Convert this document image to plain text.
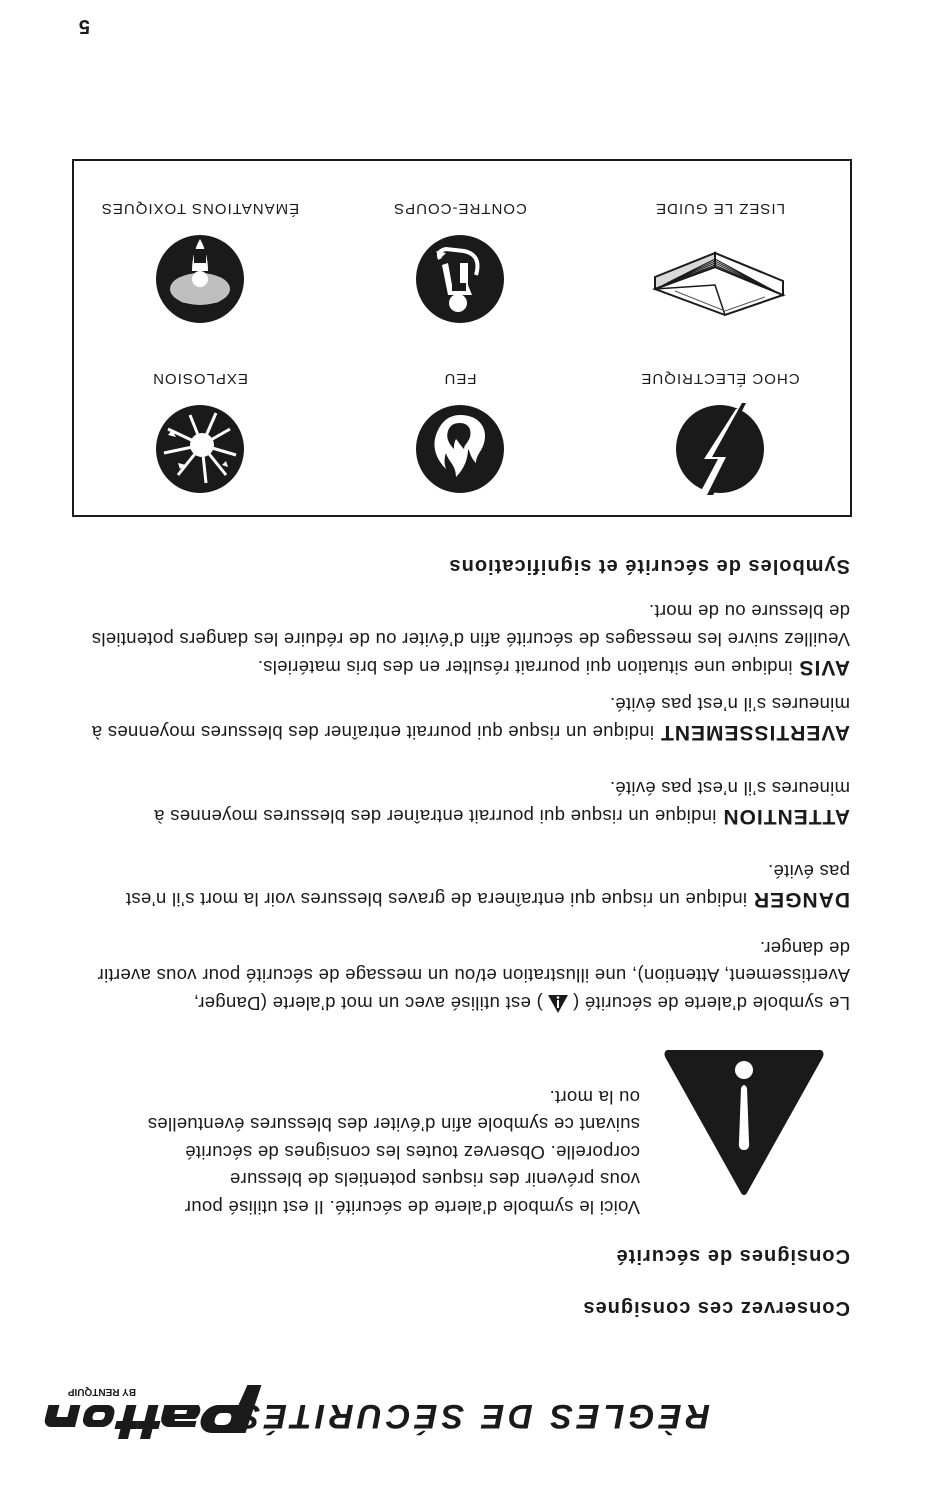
BY RENTQUIP
RÈGLES DE SÉCURITÉS
Conservez ces consignes
Consignes de sécurité

Voici le symbole d’alerte de sécurité. Il est utilisé pour vous prévenir des risques potentiels de blessure corporelle. Observez toutes les consignes de sécurité suivant ce symbole afin d’éviter des blessures éventuelles ou la mort.

Le symbole d’alerte de sécurité () est utilisé avec un mot d’alerte (Danger, Avertissement, Attention), une illustration et/ou un message de sécurité pour vous avertir de danger.

DANGERindique un risque qui entraînera de graves blessures voir la mort s’il n’est pas évité.

ATTENTIONindique un risque qui pourrait entraîner des blessures moyennes à mineures s’il n’est pas évité.

AVERTISSEMENTindique un risque qui pourrait entraîner des blessures moyennes à mineures s’il n’est pas évité.

AVISindique une situation qui pourrait résulter en des bris matériels.

Veuillez suivre les messages de sécurité afin d’éviter ou de réduire les dangers potentiels de blessure ou de mort.

Symboles de sécurité et significations
CHOC ÉLECTRIQUE
FEU
EXPLOSION
LISEZ LE GUIDE
CONTRE-COUPS
ÉMANATIONS TOXIQUES

5
